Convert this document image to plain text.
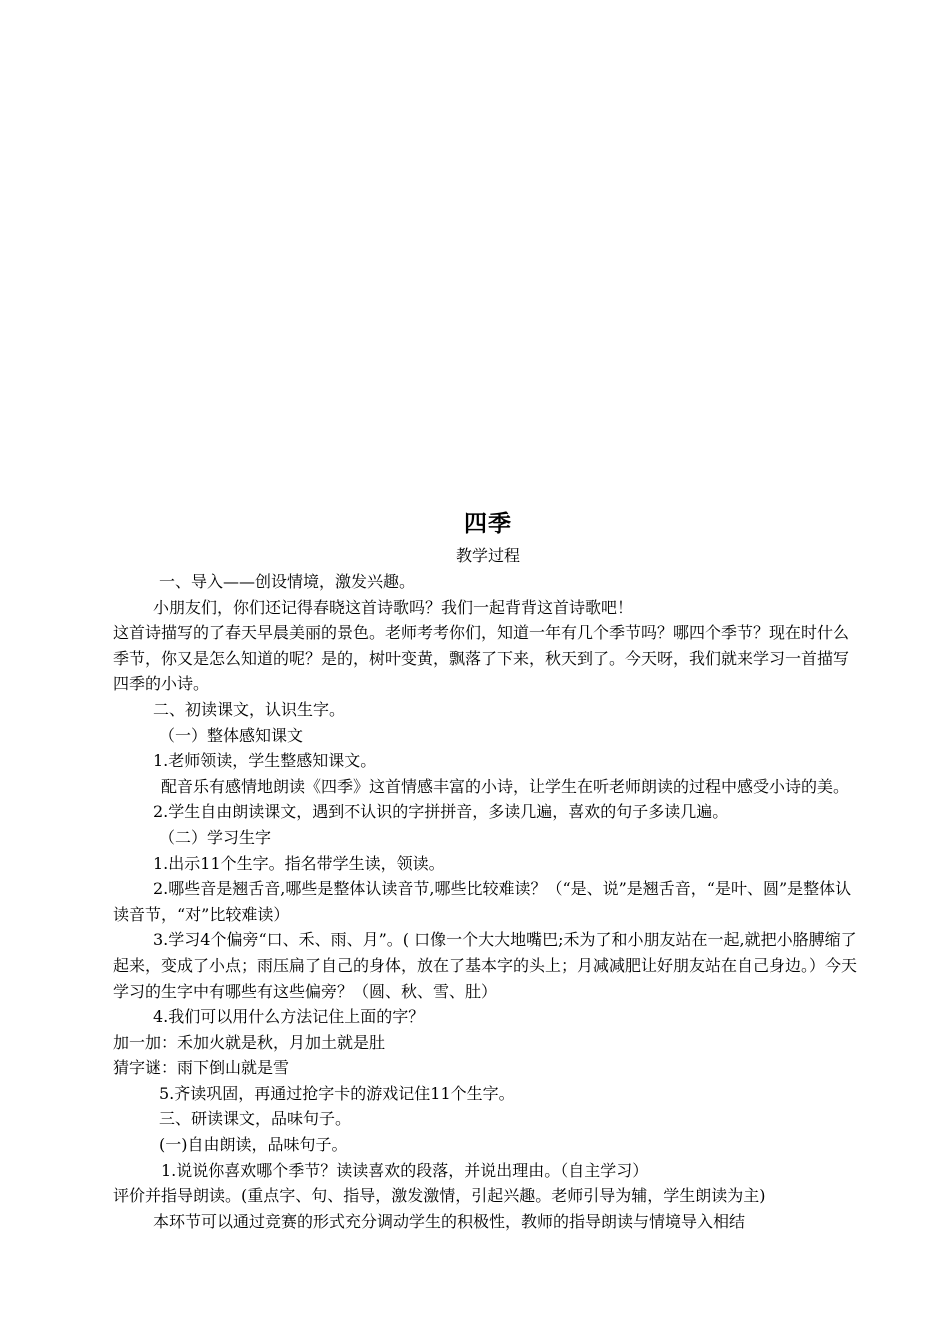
四季

教学过程

一、导入——创设情境，激发兴趣。

小朋友们，你们还记得春晓这首诗歌吗？我们一起背背这首诗歌吧！

这首诗描写的了春天早晨美丽的景色。老师考考你们，知道一年有几个季节吗？哪四个季节？现在时什么季节，你又是怎么知道的呢？是的，树叶变黄，飘落了下来，秋天到了。今天呀，我们就来学习一首描写四季的小诗。

二、初读课文，认识生字。

（一）整体感知课文

1.老师领读，学生整感知课文。

配音乐有感情地朗读《四季》这首情感丰富的小诗，让学生在听老师朗读的过程中感受小诗的美。

2.学生自由朗读课文，遇到不认识的字拼拼音，多读几遍，喜欢的句子多读几遍。

（二）学习生字

1.出示11个生字。指名带学生读，领读。

2.哪些音是翘舌音,哪些是整体认读音节,哪些比较难读？（“是、说”是翘舌音，“是叶、圆”是整体认读音节，“对”比较难读）

3.学习4个偏旁“口、禾、雨、月”。( 口像一个大大地嘴巴;禾为了和小朋友站在一起,就把小胳膊缩了起来，变成了小点；雨压扁了自己的身体，放在了基本字的头上；月减减肥让好朋友站在自己身边。）今天学习的生字中有哪些有这些偏旁？（圆、秋、雪、肚）

4.我们可以用什么方法记住上面的字？

加一加：禾加火就是秋，月加土就是肚

猜字谜：雨下倒山就是雪

5.齐读巩固，再通过抢字卡的游戏记住11个生字。

三、研读课文，品味句子。

(一)自由朗读，品味句子。

1.说说你喜欢哪个季节？读读喜欢的段落，并说出理由。（自主学习）

评价并指导朗读。(重点字、句、指导，激发激情，引起兴趣。老师引导为辅，学生朗读为主)

本环节可以通过竞赛的形式充分调动学生的积极性，教师的指导朗读与情境导入相结
